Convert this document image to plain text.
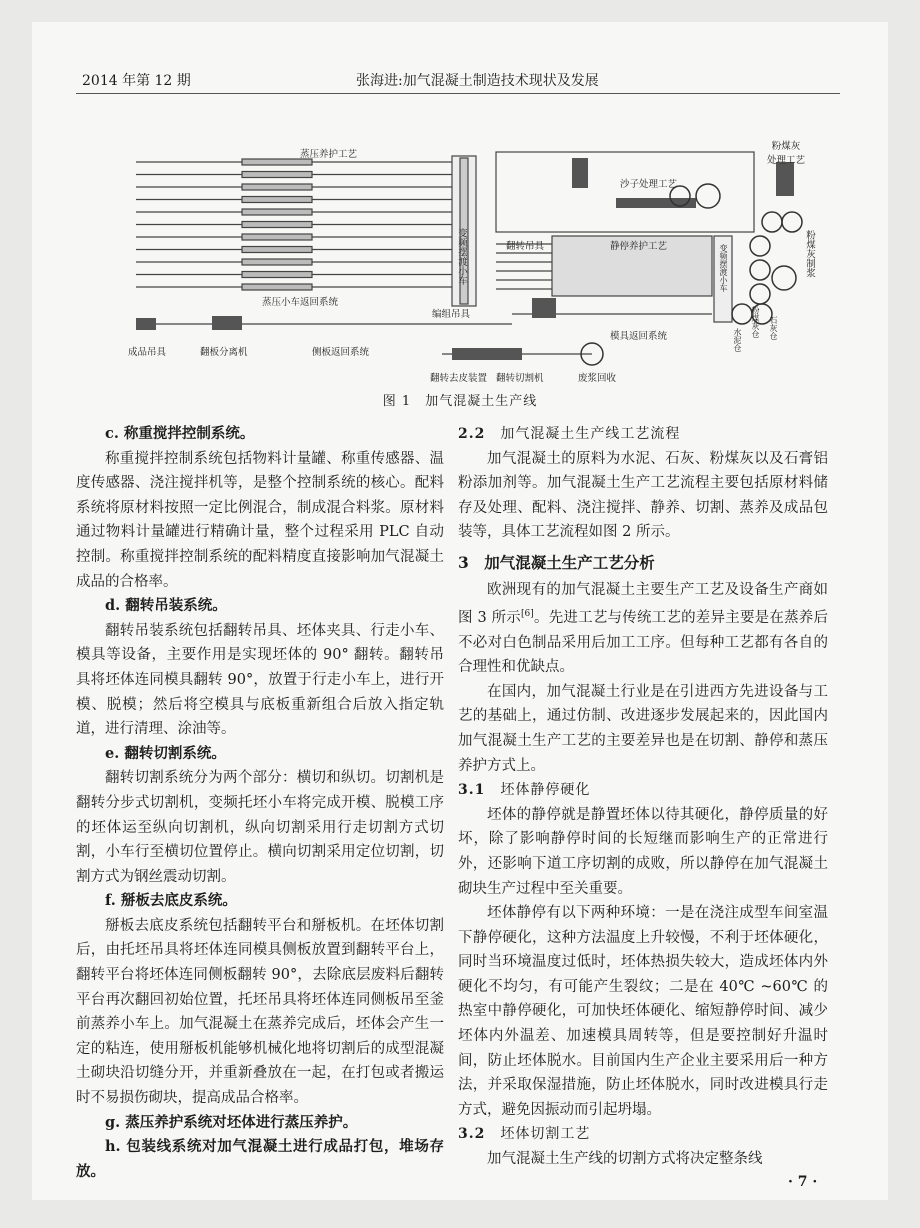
2014 年第 12 期	张海进:加气混凝土制造技术现状及发展
蒸压养护工艺
沙子处理工艺
粉煤灰
处理工艺
翻转吊具	静停养护工艺
蒸压小车返回系统
变频摆渡小车
编组吊具
成品吊具	翻板分离机	侧板返回系统
模具返回系统
翻转去皮装置 翻转切割机	废浆回收
粉煤灰制浆
变频摆渡小车
水泥仓
粉煤灰仓 石灰仓
图 1　加气混凝土生产线
c. 称重搅拌控制系统。
称重搅拌控制系统包括物料计量罐、称重传感器、温度传感器、浇注搅拌机等，是整个控制系统的核心。配料系统将原材料按照一定比例混合，制成混合料浆。原材料通过物料计量罐进行精确计量，整个过程采用 PLC 自动控制。称重搅拌控制系统的配料精度直接影响加气混凝土成品的合格率。
d. 翻转吊装系统。
翻转吊装系统包括翻转吊具、坯体夹具、行走小车、模具等设备，主要作用是实现坯体的 90° 翻转。翻转吊具将坯体连同模具翻转 90°，放置于行走小车上，进行开模、脱模；然后将空模具与底板重新组合后放入指定轨道，进行清理、涂油等。
e. 翻转切割系统。
翻转切割系统分为两个部分：横切和纵切。切割机是翻转分步式切割机，变频托坯小车将完成开模、脱模工序的坯体运至纵向切割机，纵向切割采用行走切割方式切割，小车行至横切位置停止。横向切割采用定位切割，切割方式为钢丝震动切割。
f. 掰板去底皮系统。
掰板去底皮系统包括翻转平台和掰板机。在坯体切割后，由托坯吊具将坯体连同模具侧板放置到翻转平台上，翻转平台将坯体连同侧板翻转 90°，去除底层废料后翻转平台再次翻回初始位置，托坯吊具将坯体连同侧板吊至釜前蒸养小车上。加气混凝土在蒸养完成后，坯体会产生一定的粘连，使用掰板机能够机械化地将切割后的成型混凝土砌块沿切缝分开，并重新叠放在一起，在打包或者搬运时不易损伤砌块，提高成品合格率。
g. 蒸压养护系统对坯体进行蒸压养护。
h. 包装线系统对加气混凝土进行成品打包，堆场存放。
2.2　加气混凝土生产线工艺流程
加气混凝土的原料为水泥、石灰、粉煤灰以及石膏铝粉添加剂等。加气混凝土生产工艺流程主要包括原材料储存及处理、配料、浇注搅拌、静养、切割、蒸养及成品包装等，具体工艺流程如图 2 所示。
3　加气混凝土生产工艺分析
欧洲现有的加气混凝土主要生产工艺及设备生产商如图 3 所示[6]。先进工艺与传统工艺的差异主要是在蒸养后不必对白色制品采用后加工工序。但每种工艺都有各自的合理性和优缺点。
在国内，加气混凝土行业是在引进西方先进设备与工艺的基础上，通过仿制、改进逐步发展起来的，因此国内加气混凝土生产工艺的主要差异也是在切割、静停和蒸压养护方式上。
3.1　坯体静停硬化
坯体的静停就是静置坯体以待其硬化，静停质量的好坏，除了影响静停时间的长短继而影响生产的正常进行外，还影响下道工序切割的成败，所以静停在加气混凝土砌块生产过程中至关重要。
坯体静停有以下两种环境：一是在浇注成型车间室温下静停硬化，这种方法温度上升较慢，不利于坯体硬化，同时当环境温度过低时，坯体热损失较大，造成坯体内外硬化不均匀，有可能产生裂纹；二是在 40℃ ~60℃ 的热室中静停硬化，可加快坯体硬化、缩短静停时间、减少坯体内外温差、加速模具周转等，但是要控制好升温时间，防止坯体脱水。目前国内生产企业主要采用后一种方法，并采取保湿措施，防止坯体脱水，同时改进模具行走方式，避免因振动而引起坍塌。
3.2　坯体切割工艺
加气混凝土生产线的切割方式将决定整条线
· 7 ·
